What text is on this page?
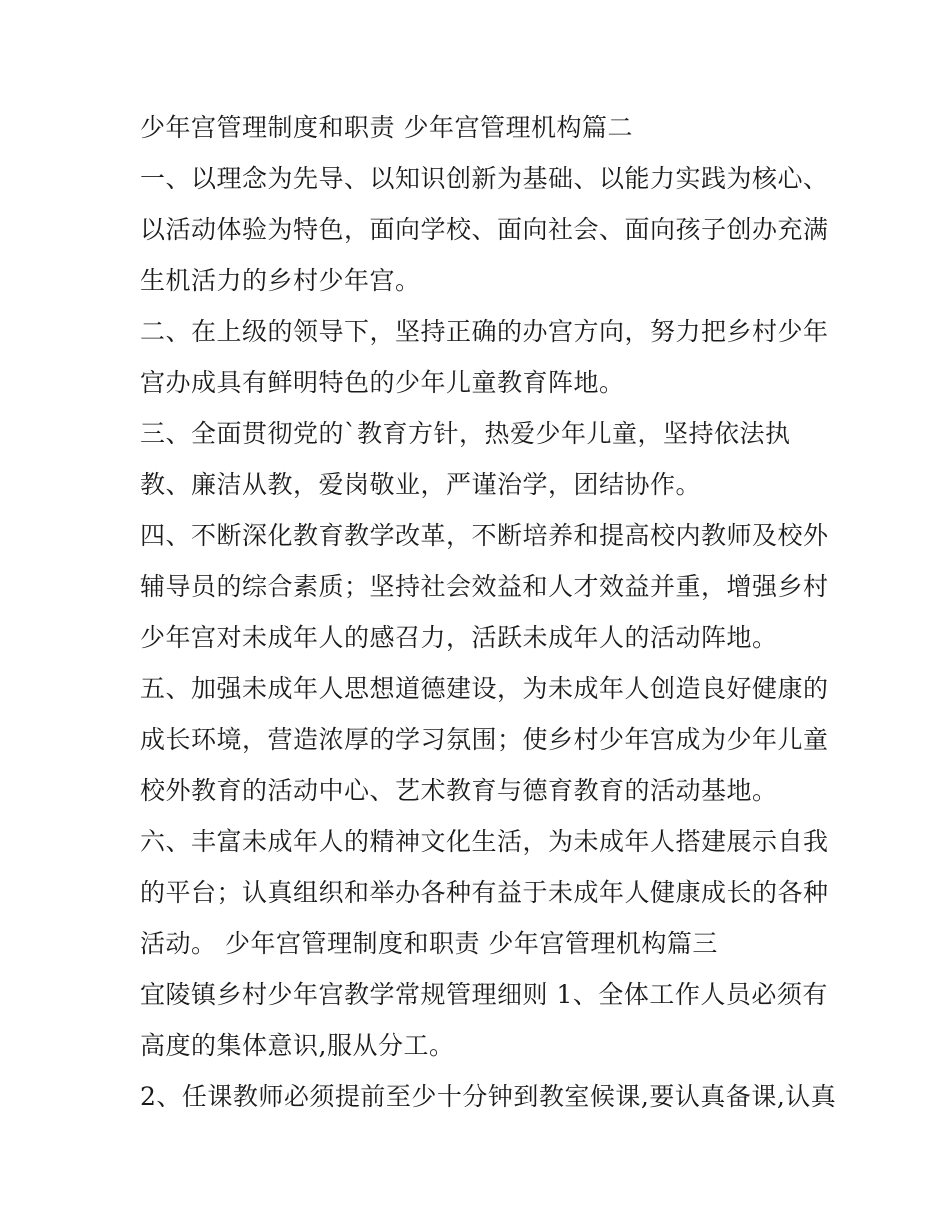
少年宫管理制度和职责 少年宫管理机构篇二
一、以理念为先导、以知识创新为基础、以能力实践为核心、
以活动体验为特色，面向学校、面向社会、面向孩子创办充满
生机活力的乡村少年宫。
二、在上级的领导下，坚持正确的办宫方向，努力把乡村少年
宫办成具有鲜明特色的少年儿童教育阵地。
三、全面贯彻党的`教育方针，热爱少年儿童，坚持依法执
教、廉洁从教，爱岗敬业，严谨治学，团结协作。
四、不断深化教育教学改革，不断培养和提高校内教师及校外
辅导员的综合素质；坚持社会效益和人才效益并重，增强乡村
少年宫对未成年人的感召力，活跃未成年人的活动阵地。
五、加强未成年人思想道德建设，为未成年人创造良好健康的
成长环境，营造浓厚的学习氛围；使乡村少年宫成为少年儿童
校外教育的活动中心、艺术教育与德育教育的活动基地。
六、丰富未成年人的精神文化生活，为未成年人搭建展示自我
的平台；认真组织和举办各种有益于未成年人健康成长的各种
活动。 少年宫管理制度和职责 少年宫管理机构篇三
宜陵镇乡村少年宫教学常规管理细则 1、全体工作人员必须有
高度的集体意识,服从分工。
2、任课教师必须提前至少十分钟到教室候课,要认真备课,认真
